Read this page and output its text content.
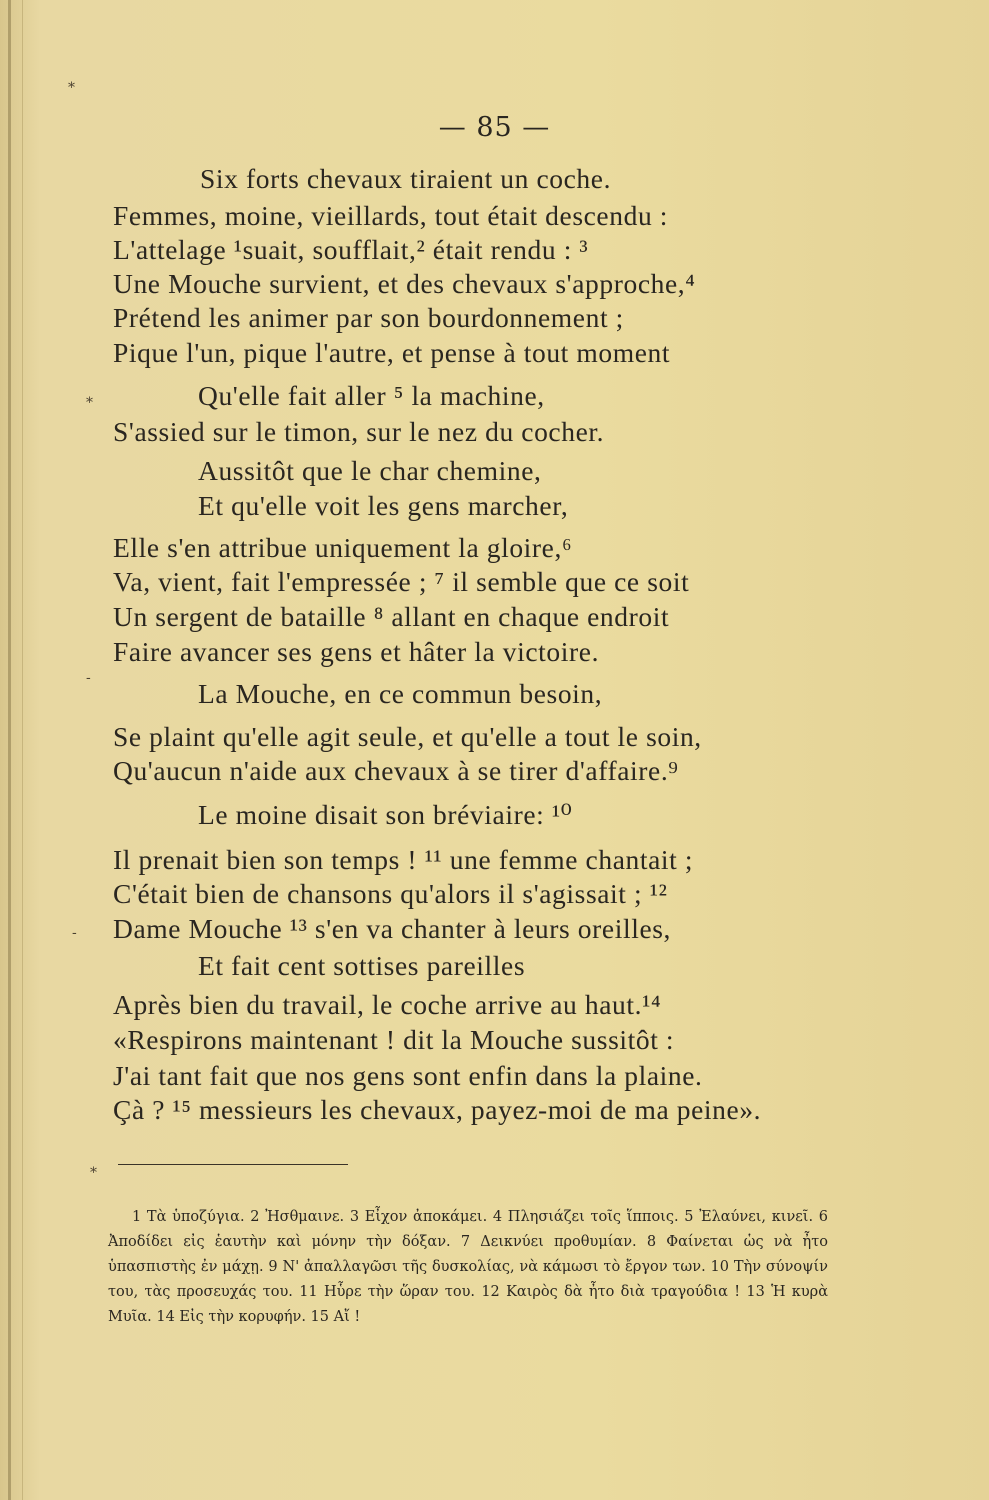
*
*
-
-
*
— 85 —
Six forts chevaux tiraient un coche.
Femmes, moine, vieillards, tout était descendu :
L'attelage ¹suait, soufflait,² était rendu : ³
Une Mouche survient, et des chevaux s'approche,⁴
Prétend les animer par son bourdonnement ;
Pique l'un, pique l'autre, et pense à tout moment
Qu'elle fait aller ⁵ la machine,
S'assied sur le timon, sur le nez du cocher.
Aussitôt que le char chemine,
Et qu'elle voit les gens marcher,
Elle s'en attribue uniquement la gloire,⁶
Va, vient, fait l'empressée ; ⁷ il semble que ce soit
Un sergent de bataille ⁸ allant en chaque endroit
Faire avancer ses gens et hâter la victoire.
La Mouche, en ce commun besoin,
Se plaint qu'elle agit seule, et qu'elle a tout le soin,
Qu'aucun n'aide aux chevaux à se tirer d'affaire.⁹
Le moine disait son bréviaire: ¹⁰
Il prenait bien son temps ! ¹¹ une femme chantait ;
C'était bien de chansons qu'alors il s'agissait ; ¹²
Dame Mouche ¹³ s'en va chanter à leurs oreilles,
Et fait cent sottises pareilles
Après bien du travail, le coche arrive au haut.¹⁴
«Respirons maintenant ! dit la Mouche sussitôt :
J'ai tant fait que nos gens sont enfin dans la plaine.
Çà ? ¹⁵ messieurs les chevaux, payez-moi de ma peine».
1 Τὰ ὑποζύγια. 2 Ἠσθμαινε. 3 Εἶχον ἀποκάμει. 4 Πλησιάζει τοῖς ἵπποις. 5 Ἐλαύνει, κινεῖ. 6 Ἀποδίδει εἰς ἑαυτὴν καὶ μόνην τὴν δόξαν. 7 Δεικνύει προθυμίαν. 8 Φαίνεται ὡς νὰ ἦτο ὑπασπιστὴς ἐν μάχῃ. 9 Ν' ἀπαλλαγῶσι τῆς δυσκολίας, νὰ κάμωσι τὸ ἔργον των. 10 Τὴν σύνοψίν του, τὰς προσευχάς του. 11 Ηὗρε τὴν ὥραν του. 12 Καιρὸς δὰ ἦτο διὰ τραγούδια ! 13 Ἡ κυρὰ Μυῖα. 14 Εἰς τὴν κορυφήν. 15 Αἴ !
